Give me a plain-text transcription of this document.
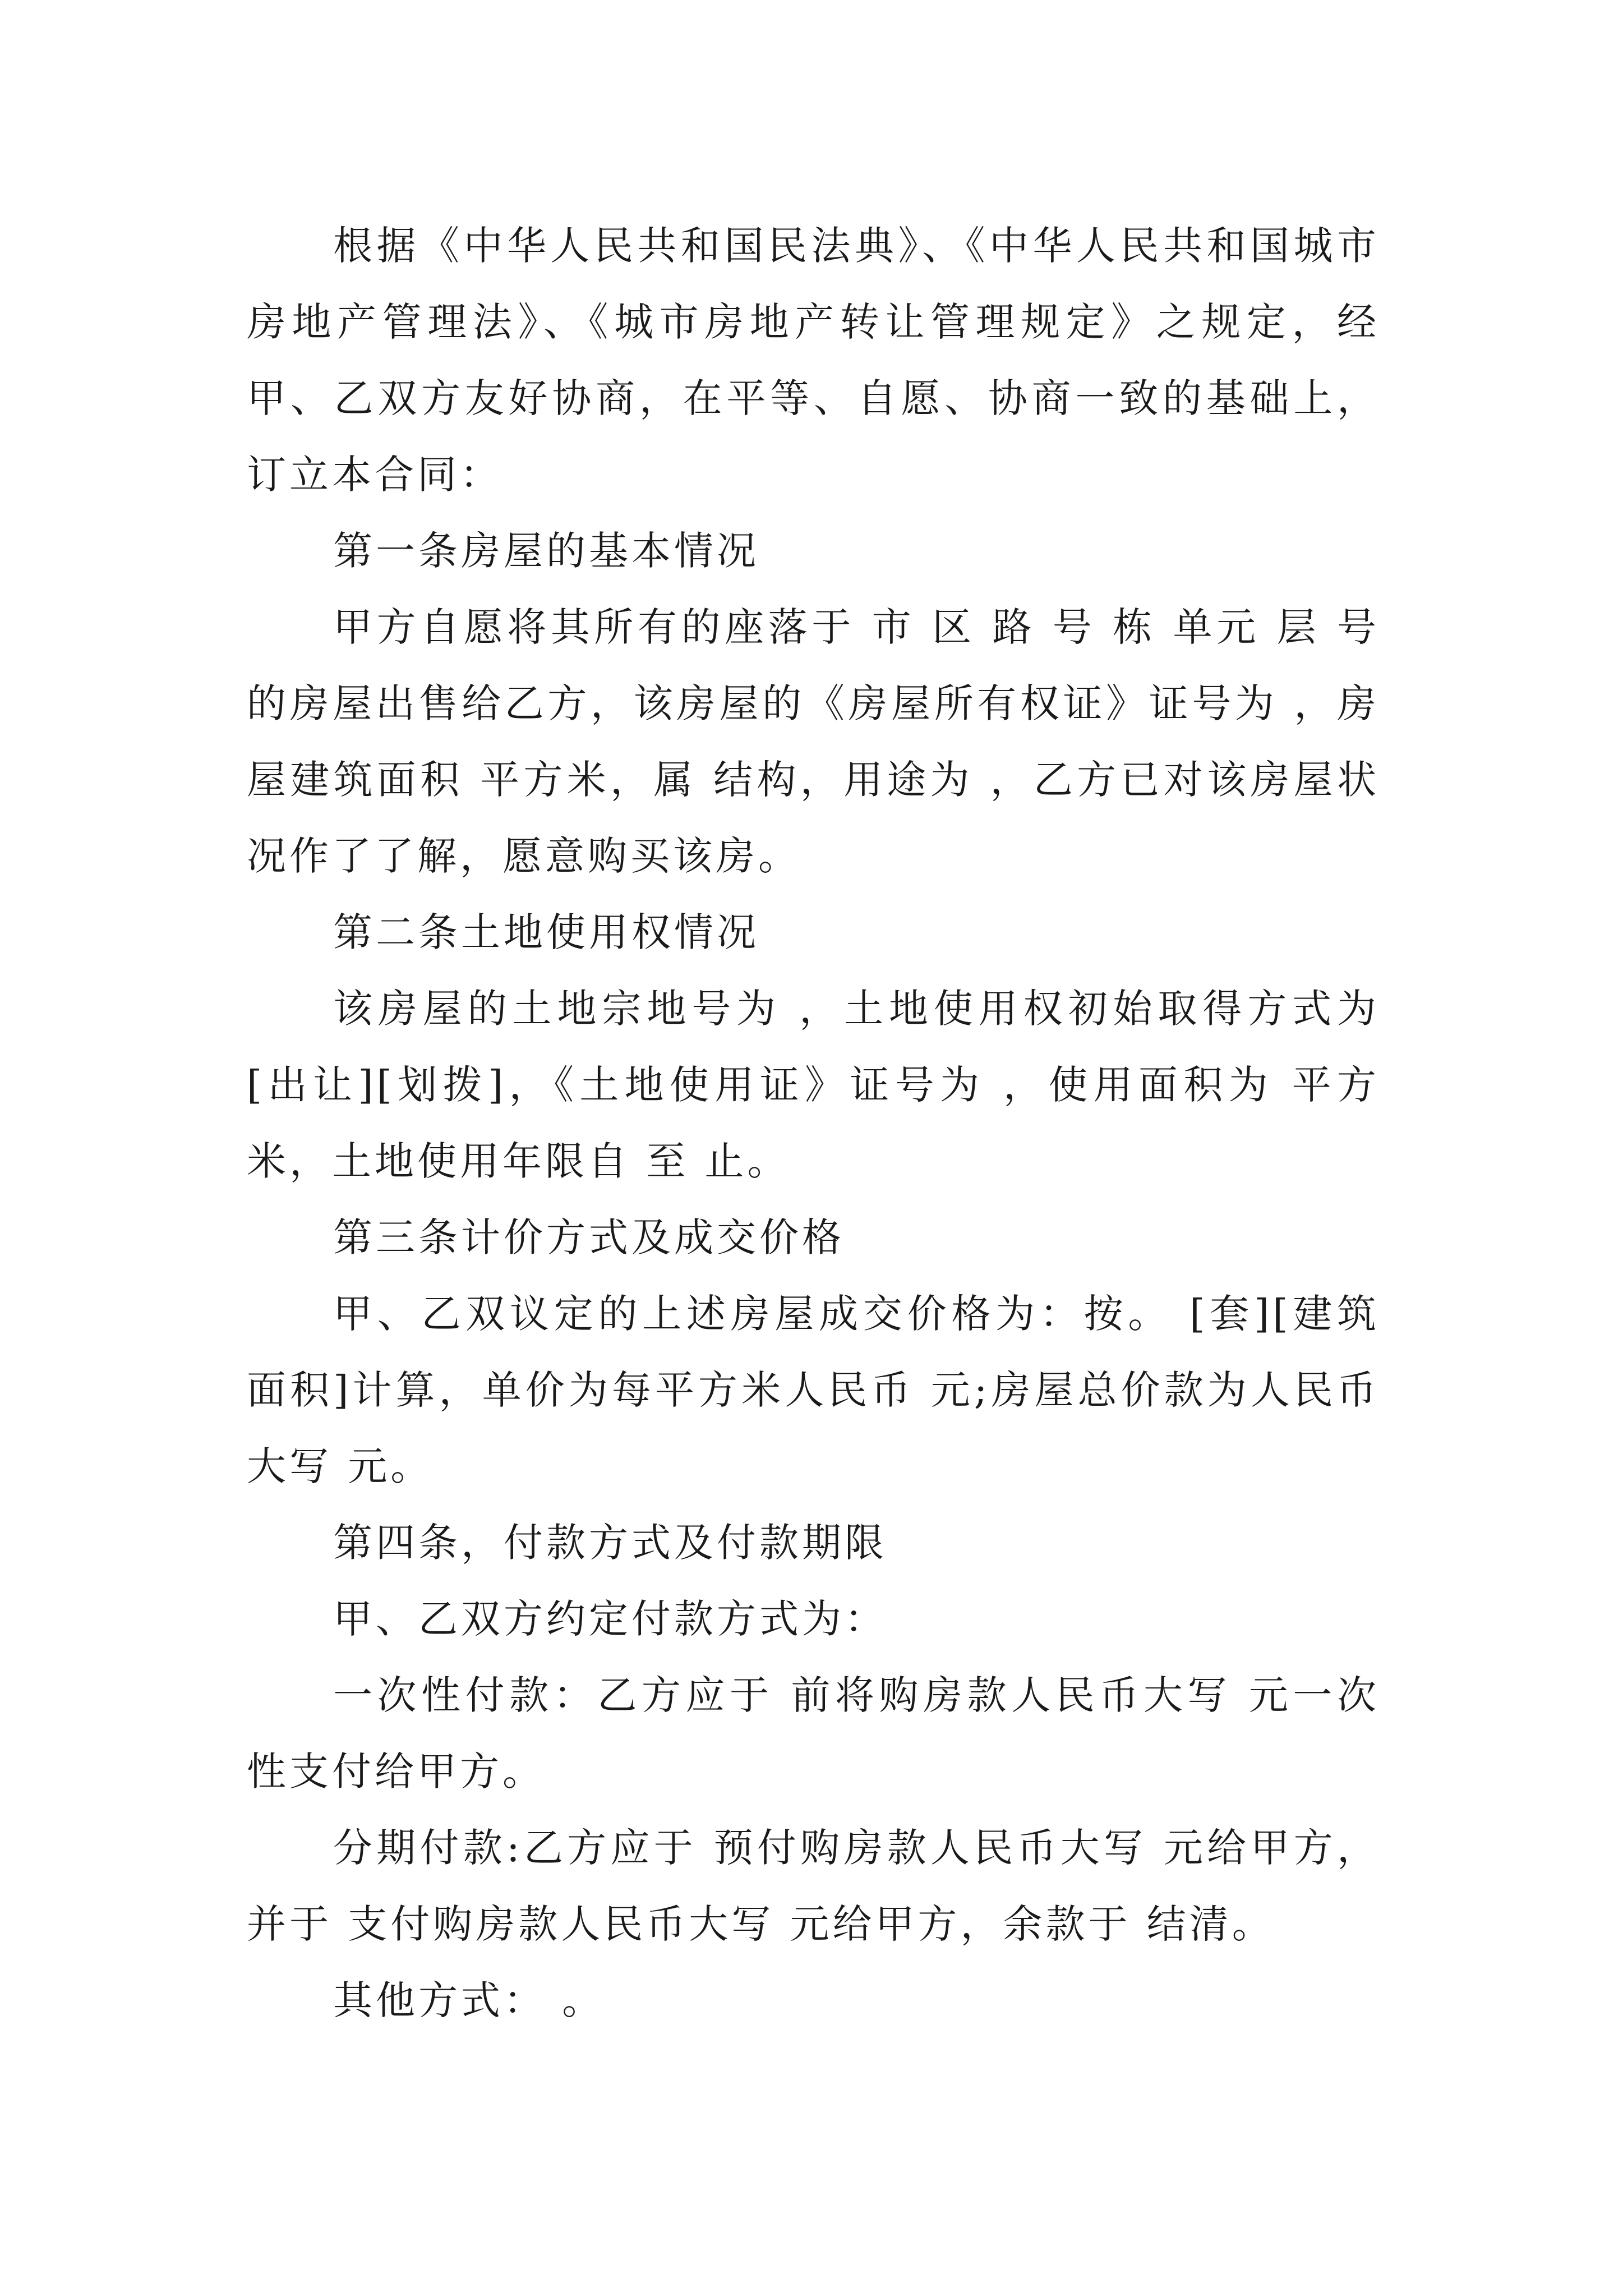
根据《中华人民共和国民法典》、《中华人民共和国城市房地产管理法》、《城市房地产转让管理规定》之规定，经甲、乙双方友好协商，在平等、自愿、协商一致的基础上，订立本合同：

第一条房屋的基本情况

甲方自愿将其所有的座落于 市 区 路 号 栋 单元 层 号的房屋出售给乙方，该房屋的《房屋所有权证》证号为 ，房屋建筑面积 平方米，属 结构，用途为 ，乙方已对该房屋状况作了了解，愿意购买该房。

第二条土地使用权情况

该房屋的土地宗地号为 ，土地使用权初始取得方式为[出让][划拨]，《土地使用证》证号为 ，使用面积为 平方米，土地使用年限自 至 止。

第三条计价方式及成交价格

甲、乙双议定的上述房屋成交价格为：按。 [套][建筑面积]计算，单价为每平方米人民币 元;房屋总价款为人民币大写 元。

第四条，付款方式及付款期限

甲、乙双方约定付款方式为：

一次性付款：乙方应于 前将购房款人民币大写 元一次性支付给甲方。

分期付款:乙方应于 预付购房款人民币大写 元给甲方，并于 支付购房款人民币大写 元给甲方，余款于 结清。

其他方式： 。
